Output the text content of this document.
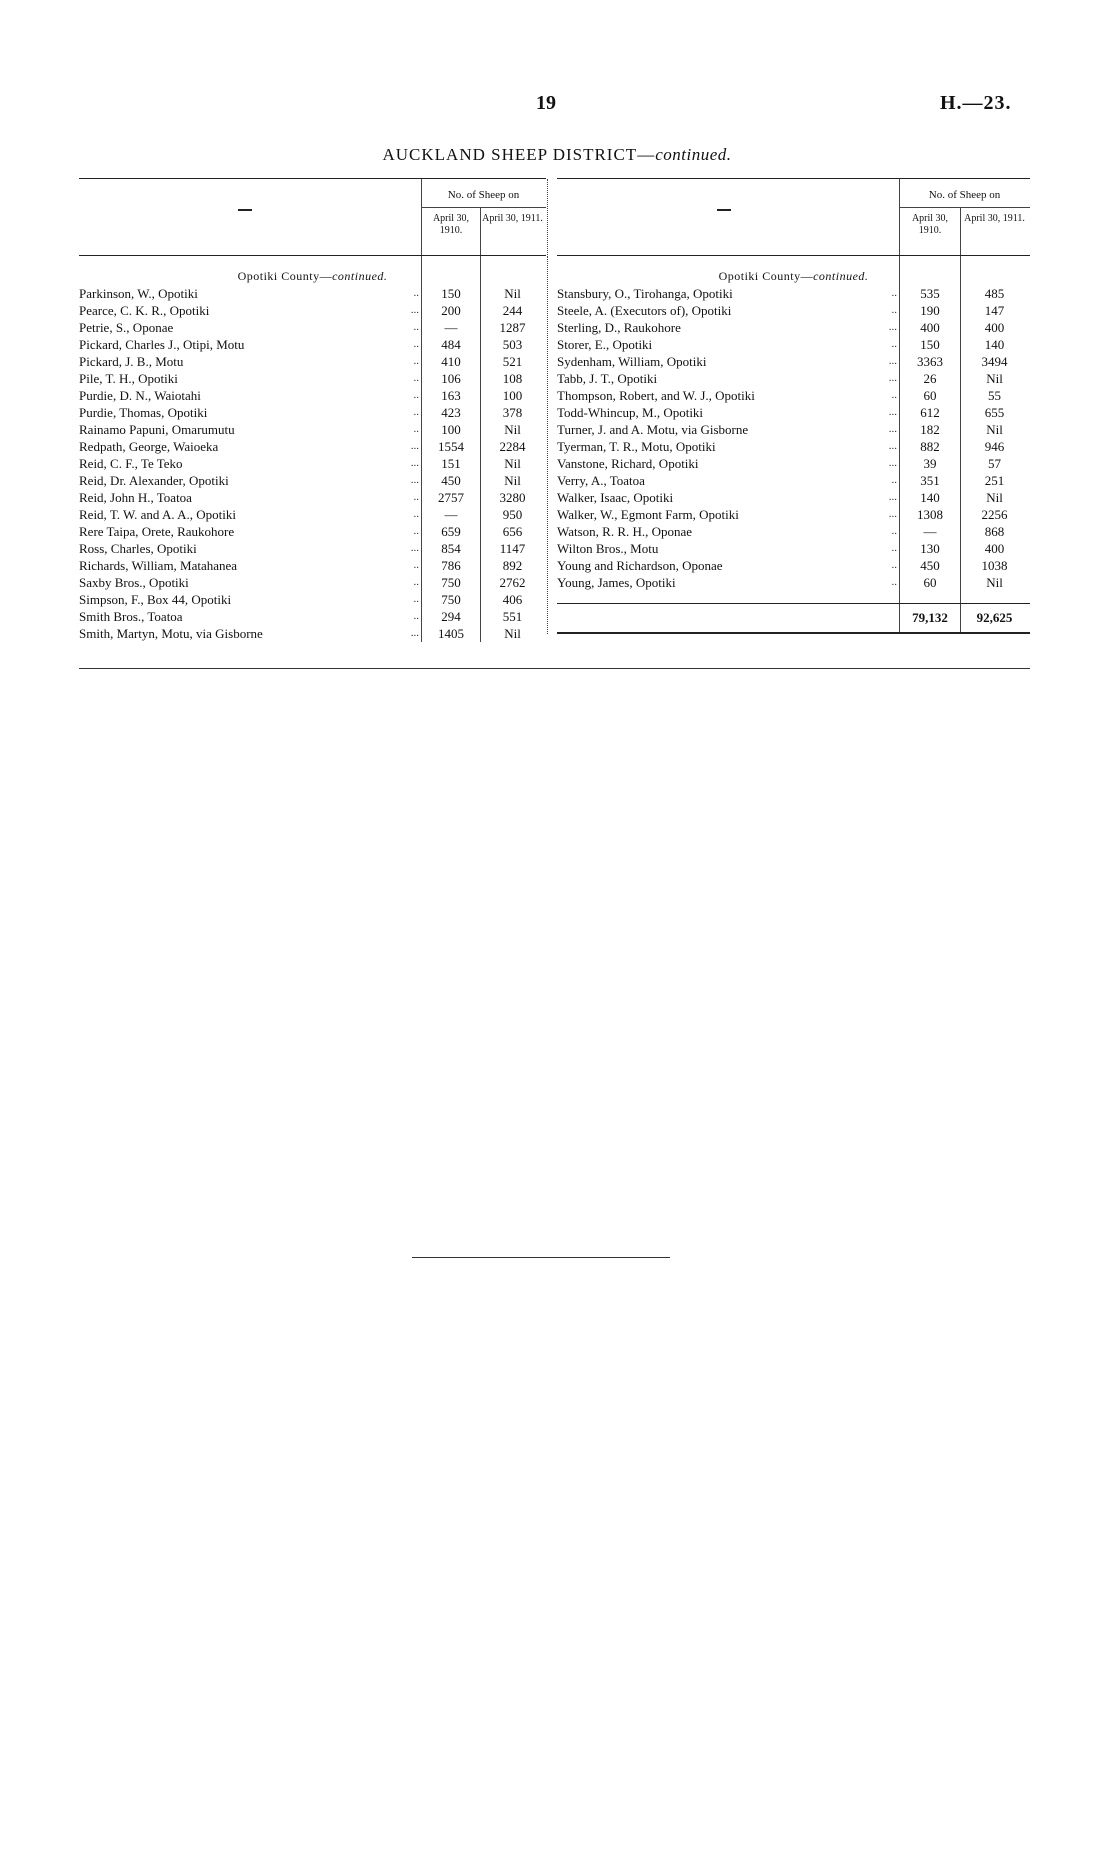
19	H.—23.
AUCKLAND SHEEP DISTRICT—continued.
No. of Sheep on
April 30, 1910.
April 30, 1911.
Opotiki County—continued.
Parkinson, W., Opotiki	..	150	Nil
Pearce, C. K. R., Opotiki	...	200	244
Petrie, S., Oponae	..	—	1287
Pickard, Charles J., Otipi, Motu	..	484	503
Pickard, J. B., Motu	..	410	521
Pile, T. H., Opotiki	..	106	108
Purdie, D. N., Waiotahi	..	163	100
Purdie, Thomas, Opotiki	..	423	378
Rainamo Papuni, Omarumutu	..	100	Nil
Redpath, George, Waioeka	...	1554	2284
Reid, C. F., Te Teko	...	151	Nil
Reid, Dr. Alexander, Opotiki	...	450	Nil
Reid, John H., Toatoa	..	2757	3280
Reid, T. W. and A. A., Opotiki	..	—	950
Rere Taipa, Orete, Raukohore	..	659	656
Ross, Charles, Opotiki	...	854	1147
Richards, William, Matahanea	..	786	892
Saxby Bros., Opotiki	..	750	2762
Simpson, F., Box 44, Opotiki	..	750	406
Smith Bros., Toatoa	..	294	551
Smith, Martyn, Motu, via Gisborne	...	1405	Nil
No. of Sheep on
April 30, 1910.
April 30, 1911.
Opotiki County—continued.
Stansbury, O., Tirohanga, Opotiki	..	535	485
Steele, A. (Executors of), Opotiki	..	190	147
Sterling, D., Raukohore	...	400	400
Storer, E., Opotiki	..	150	140
Sydenham, William, Opotiki	...	3363	3494
Tabb, J. T., Opotiki	...	26	Nil
Thompson, Robert, and W. J., Opotiki	..	60	55
Todd-Whincup, M., Opotiki	...	612	655
Turner, J. and A. Motu, via Gisborne	...	182	Nil
Tyerman, T. R., Motu, Opotiki	...	882	946
Vanstone, Richard, Opotiki	...	39	57
Verry, A., Toatoa	..	351	251
Walker, Isaac, Opotiki	...	140	Nil
Walker, W., Egmont Farm, Opotiki	...	1308	2256
Watson, R. R. H., Oponae	..	—	868
Wilton Bros., Motu	..	130	400
Young and Richardson, Oponae	..	450	1038
Young, James, Opotiki	..	60	Nil
79,132	92,625
